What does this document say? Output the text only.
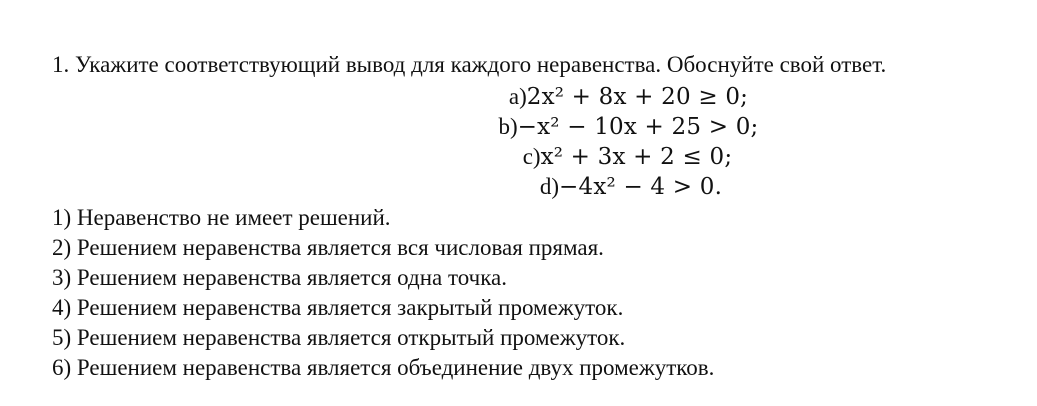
1. Укажите соответствующий вывод для каждого неравенства. Обоснуйте свой ответ.
a) 2x² + 8x + 20 ≥ 0;
b) −x² − 10x + 25 > 0;
c) x² + 3x + 2 ≤ 0;
d) −4x² − 4 > 0.
1) Неравенство не имеет решений.
2) Решением неравенства является вся числовая прямая.
3) Решением неравенства является одна точка.
4) Решением неравенства является закрытый промежуток.
5) Решением неравенства является открытый промежуток.
6) Решением неравенства является объединение двух промежутков.
